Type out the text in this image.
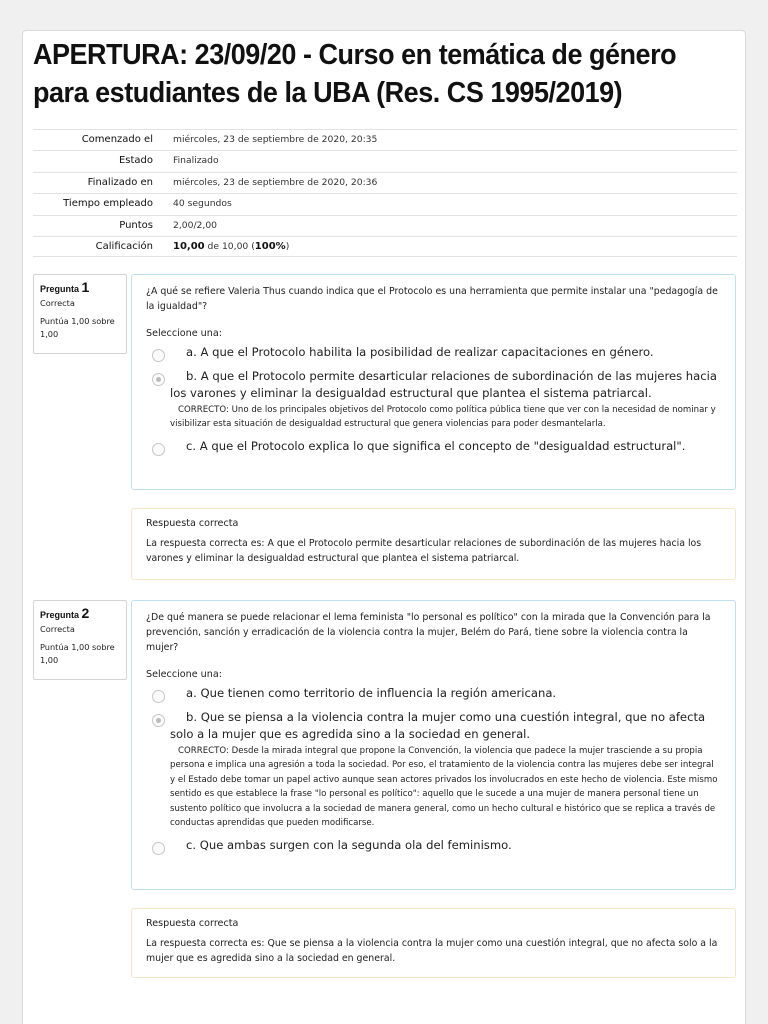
APERTURA: 23/09/20 - Curso en temática de género para estudiantes de la UBA (Res. CS 1995/2019)
Comenzado el	miércoles, 23 de septiembre de 2020, 20:35
Estado	Finalizado
Finalizado en	miércoles, 23 de septiembre de 2020, 20:36
Tiempo empleado	40 segundos
Puntos	2,00/2,00
Calificación	10,00 de 10,00 (100%)
Pregunta 1
Correcta
Puntúa 1,00 sobre 1,00
¿A qué se refiere Valeria Thus cuando indica que el Protocolo es una herramienta que permite instalar una "pedagogía de la igualdad"?
Seleccione una:
a. A que el Protocolo habilita la posibilidad de realizar capacitaciones en género.
b. A que el Protocolo permite desarticular relaciones de subordinación de las mujeres hacia los varones y eliminar la desigualdad estructural que plantea el sistema patriarcal.
CORRECTO: Uno de los principales objetivos del Protocolo como política pública tiene que ver con la necesidad de nominar y visibilizar esta situación de desigualdad estructural que genera violencias para poder desmantelarla.
c. A que el Protocolo explica lo que significa el concepto de "desigualdad estructural".
Respuesta correcta
La respuesta correcta es: A que el Protocolo permite desarticular relaciones de subordinación de las mujeres hacia los varones y eliminar la desigualdad estructural que plantea el sistema patriarcal.
Pregunta 2
Correcta
Puntúa 1,00 sobre 1,00
¿De qué manera se puede relacionar el lema feminista "lo personal es político" con la mirada que la Convención para la prevención, sanción y erradicación de la violencia contra la mujer, Belém do Pará, tiene sobre la violencia contra la mujer?
Seleccione una:
a. Que tienen como territorio de influencia la región americana.
b. Que se piensa a la violencia contra la mujer como una cuestión integral, que no afecta solo a la mujer que es agredida sino a la sociedad en general.
CORRECTO: Desde la mirada integral que propone la Convención, la violencia que padece la mujer trasciende a su propia persona e implica una agresión a toda la sociedad. Por eso, el tratamiento de la violencia contra las mujeres debe ser integral y el Estado debe tomar un papel activo aunque sean actores privados los involucrados en este hecho de violencia. Este mismo sentido es que establece la frase "lo personal es político": aquello que le sucede a una mujer de manera personal tiene un sustento político que involucra a la sociedad de manera general, como un hecho cultural e histórico que se replica a través de conductas aprendidas que pueden modificarse.
c. Que ambas surgen con la segunda ola del feminismo.
Respuesta correcta
La respuesta correcta es: Que se piensa a la violencia contra la mujer como una cuestión integral, que no afecta solo a la mujer que es agredida sino a la sociedad en general.
